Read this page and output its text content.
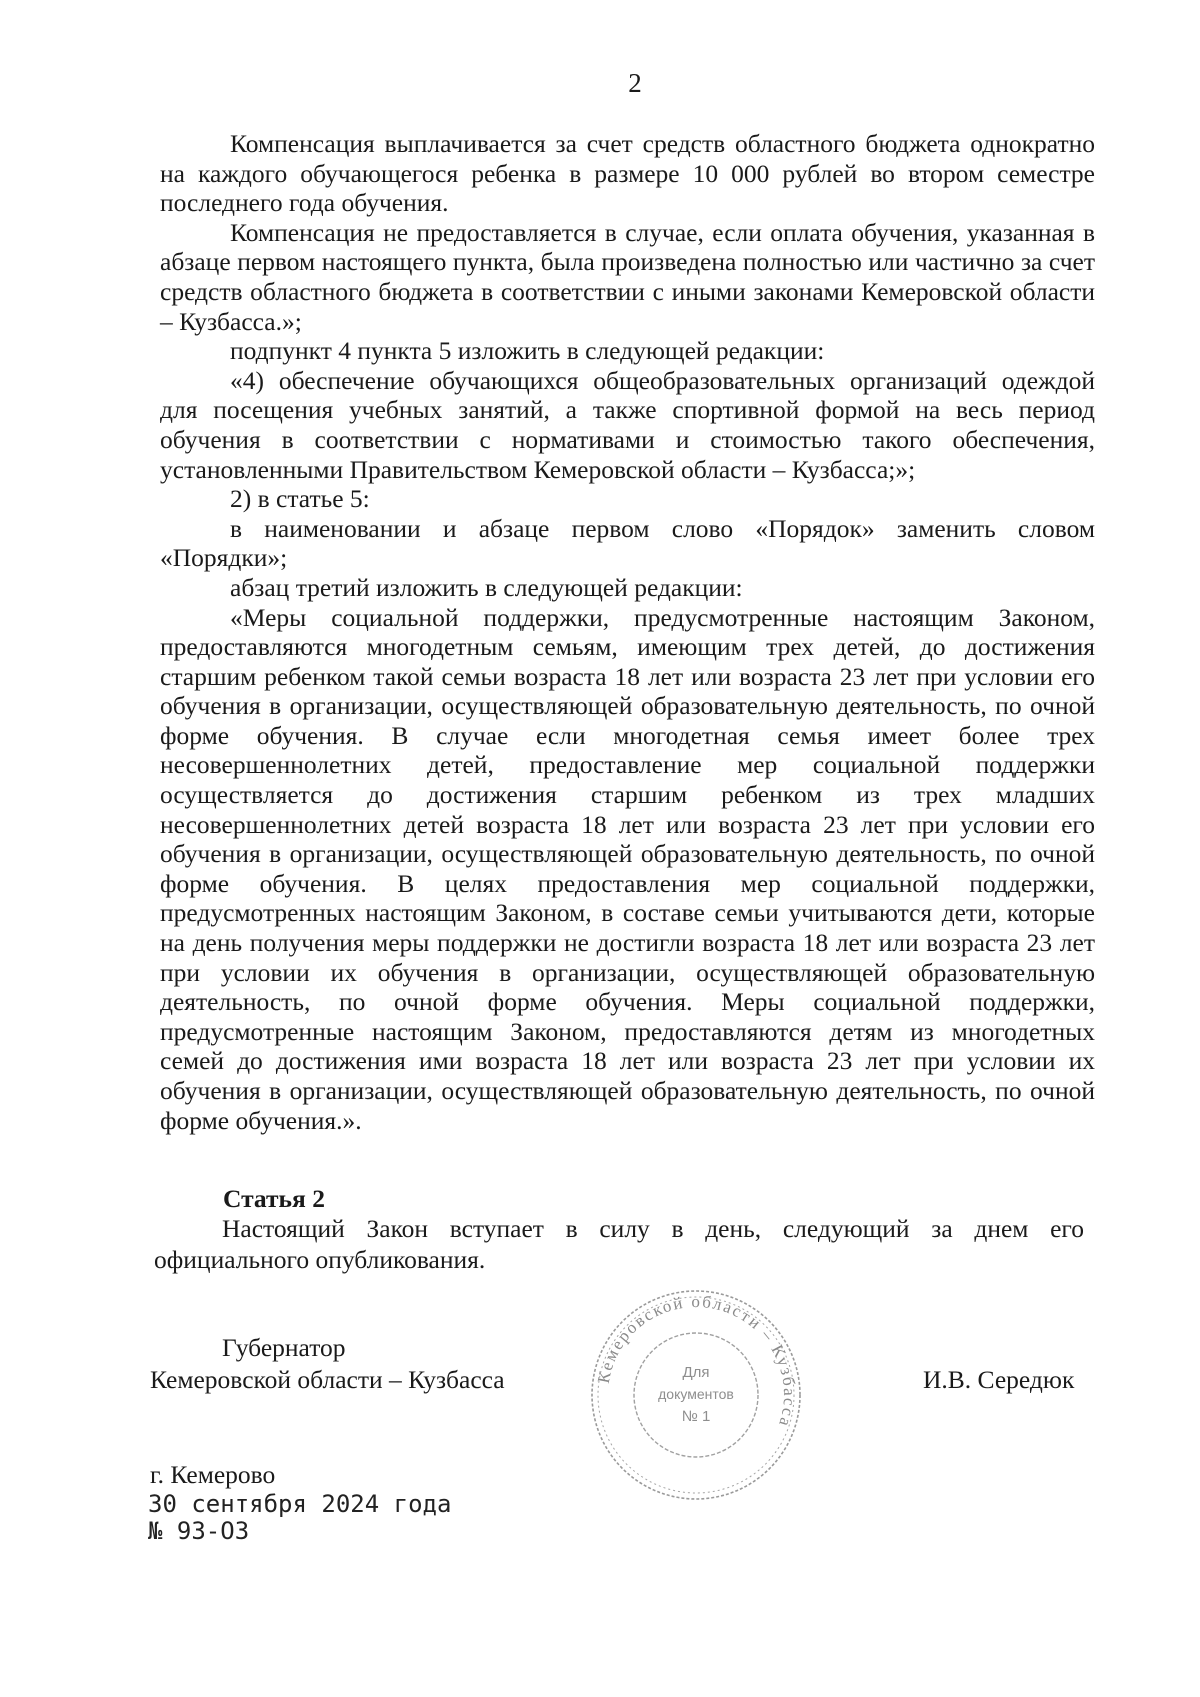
2

Компенсация выплачивается за счет средств областного бюджета однократно на каждого обучающегося ребенка в размере 10 000 рублей во втором семестре последнего года обучения.

Компенсация не предоставляется в случае, если оплата обучения, указанная в абзаце первом настоящего пункта, была произведена полностью или частично за счет средств областного бюджета в соответствии с иными законами Кемеровской области – Кузбасса.»;

подпункт 4 пункта 5 изложить в следующей редакции:

«4) обеспечение обучающихся общеобразовательных организаций одеждой для посещения учебных занятий, а также спортивной формой на весь период обучения в соответствии с нормативами и стоимостью такого обеспечения, установленными Правительством Кемеровской области – Кузбасса;»;

2) в статье 5:

в наименовании и абзаце первом слово «Порядок» заменить словом «Порядки»;

абзац третий изложить в следующей редакции:

«Меры социальной поддержки, предусмотренные настоящим Законом, предоставляются многодетным семьям, имеющим трех детей, до достижения старшим ребенком такой семьи возраста 18 лет или возраста 23 лет при условии его обучения в организации, осуществляющей образовательную деятельность, по очной форме обучения. В случае если многодетная семья имеет более трех несовершеннолетних детей, предоставление мер социальной поддержки осуществляется до достижения старшим ребенком из трех младших несовершеннолетних детей возраста 18 лет или возраста 23 лет при условии его обучения в организации, осуществляющей образовательную деятельность, по очной форме обучения. В целях предоставления мер социальной поддержки, предусмотренных настоящим Законом, в составе семьи учитываются дети, которые на день получения меры поддержки не достигли возраста 18 лет или возраста 23 лет при условии их обучения в организации, осуществляющей образовательную деятельность, по очной форме обучения. Меры социальной поддержки, предусмотренные настоящим Законом, предоставляются детям из многодетных семей до достижения ими возраста 18 лет или возраста 23 лет при условии их обучения в организации, осуществляющей образовательную деятельность, по очной форме обучения.».

Статья 2
Настоящий Закон вступает в силу в день, следующий за днем его официального опубликования.
Губернатор
Кемеровской области – Кузбасса	И.В. Середюк
Кемеровской области – Кузбасса
Для
документов
№ 1
г. Кемерово
30 сентября 2024 года
№ 93-ОЗ
